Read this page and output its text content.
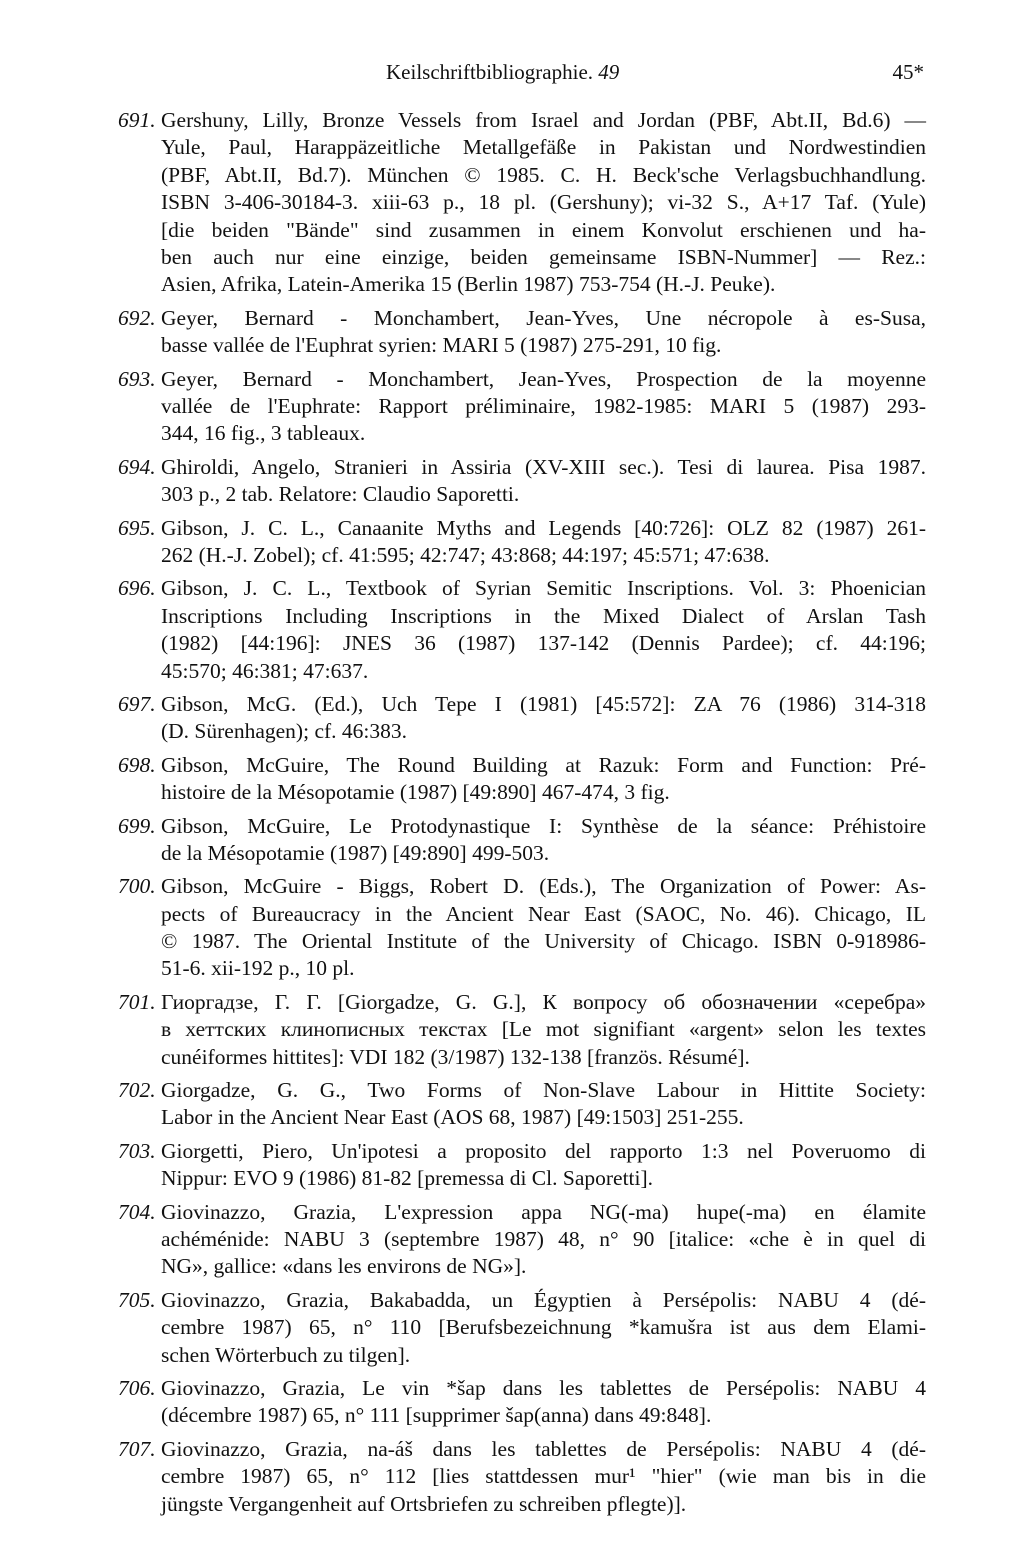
Keilschriftbibliographie. 49	45*
691. Gershuny, Lilly, Bronze Vessels from Israel and Jordan (PBF, Abt.II, Bd.6) —
Yule, Paul, Harappäzeitliche Metallgefäße in Pakistan und Nordwestindien
(PBF, Abt.II, Bd.7). München © 1985. C. H. Beck'sche Verlagsbuchhandlung.
ISBN 3-406-30184-3. xiii-63 p., 18 pl. (Gershuny); vi-32 S., A+17 Taf. (Yule)
[die beiden "Bände" sind zusammen in einem Konvolut erschienen und ha-
ben auch nur eine einzige, beiden gemeinsame ISBN-Nummer] — Rez.:
Asien, Afrika, Latein-Amerika 15 (Berlin 1987) 753-754 (H.-J. Peuke).
692. Geyer, Bernard - Monchambert, Jean-Yves, Une nécropole à es-Susa,
basse vallée de l'Euphrat syrien: MARI 5 (1987) 275-291, 10 fig.
693. Geyer, Bernard - Monchambert, Jean-Yves, Prospection de la moyenne
vallée de l'Euphrate: Rapport préliminaire, 1982-1985: MARI 5 (1987) 293-
344, 16 fig., 3 tableaux.
694. Ghiroldi, Angelo, Stranieri in Assiria (XV-XIII sec.). Tesi di laurea. Pisa 1987.
303 p., 2 tab. Relatore: Claudio Saporetti.
695. Gibson, J. C. L., Canaanite Myths and Legends [40:726]: OLZ 82 (1987) 261-
262 (H.-J. Zobel); cf. 41:595; 42:747; 43:868; 44:197; 45:571; 47:638.
696. Gibson, J. C. L., Textbook of Syrian Semitic Inscriptions. Vol. 3: Phoenician
Inscriptions Including Inscriptions in the Mixed Dialect of Arslan Tash
(1982) [44:196]: JNES 36 (1987) 137-142 (Dennis Pardee); cf. 44:196;
45:570; 46:381; 47:637.
697. Gibson, McG. (Ed.), Uch Tepe I (1981) [45:572]: ZA 76 (1986) 314-318
(D. Sürenhagen); cf. 46:383.
698. Gibson, McGuire, The Round Building at Razuk: Form and Function: Pré-
histoire de la Mésopotamie (1987) [49:890] 467-474, 3 fig.
699. Gibson, McGuire, Le Protodynastique I: Synthèse de la séance: Préhistoire
de la Mésopotamie (1987) [49:890] 499-503.
700. Gibson, McGuire - Biggs, Robert D. (Eds.), The Organization of Power: As-
pects of Bureaucracy in the Ancient Near East (SAOC, No. 46). Chicago, IL
© 1987. The Oriental Institute of the University of Chicago. ISBN 0-918986-
51-6. xii-192 p., 10 pl.
701. Гиоргадзе, Г. Г. [Giorgadze, G. G.], К вопросу об обозначении «серебра»
в хеттских клинописных текстах [Le mot signifiant «argent» selon les textes
cunéiformes hittites]: VDI 182 (3/1987) 132-138 [französ. Résumé].
702. Giorgadze, G. G., Two Forms of Non-Slave Labour in Hittite Society:
Labor in the Ancient Near East (AOS 68, 1987) [49:1503] 251-255.
703. Giorgetti, Piero, Un'ipotesi a proposito del rapporto 1:3 nel Poveruomo di
Nippur: EVO 9 (1986) 81-82 [premessa di Cl. Saporetti].
704. Giovinazzo, Grazia, L'expression appa NG(-ma) hupe(-ma) en élamite
achéménide: NABU 3 (septembre 1987) 48, n° 90 [italice: «che è in quel di
NG», gallice: «dans les environs de NG»].
705. Giovinazzo, Grazia, Bakabadda, un Égyptien à Persépolis: NABU 4 (dé-
cembre 1987) 65, n° 110 [Berufsbezeichnung *kamušra ist aus dem Elami-
schen Wörterbuch zu tilgen].
706. Giovinazzo, Grazia, Le vin *šap dans les tablettes de Persépolis: NABU 4
(décembre 1987) 65, n° 111 [supprimer šap(anna) dans 49:848].
707. Giovinazzo, Grazia, na-áš dans les tablettes de Persépolis: NABU 4 (dé-
cembre 1987) 65, n° 112 [lies stattdessen mur¹ "hier" (wie man bis in die
jüngste Vergangenheit auf Ortsbriefen zu schreiben pflegte)].
